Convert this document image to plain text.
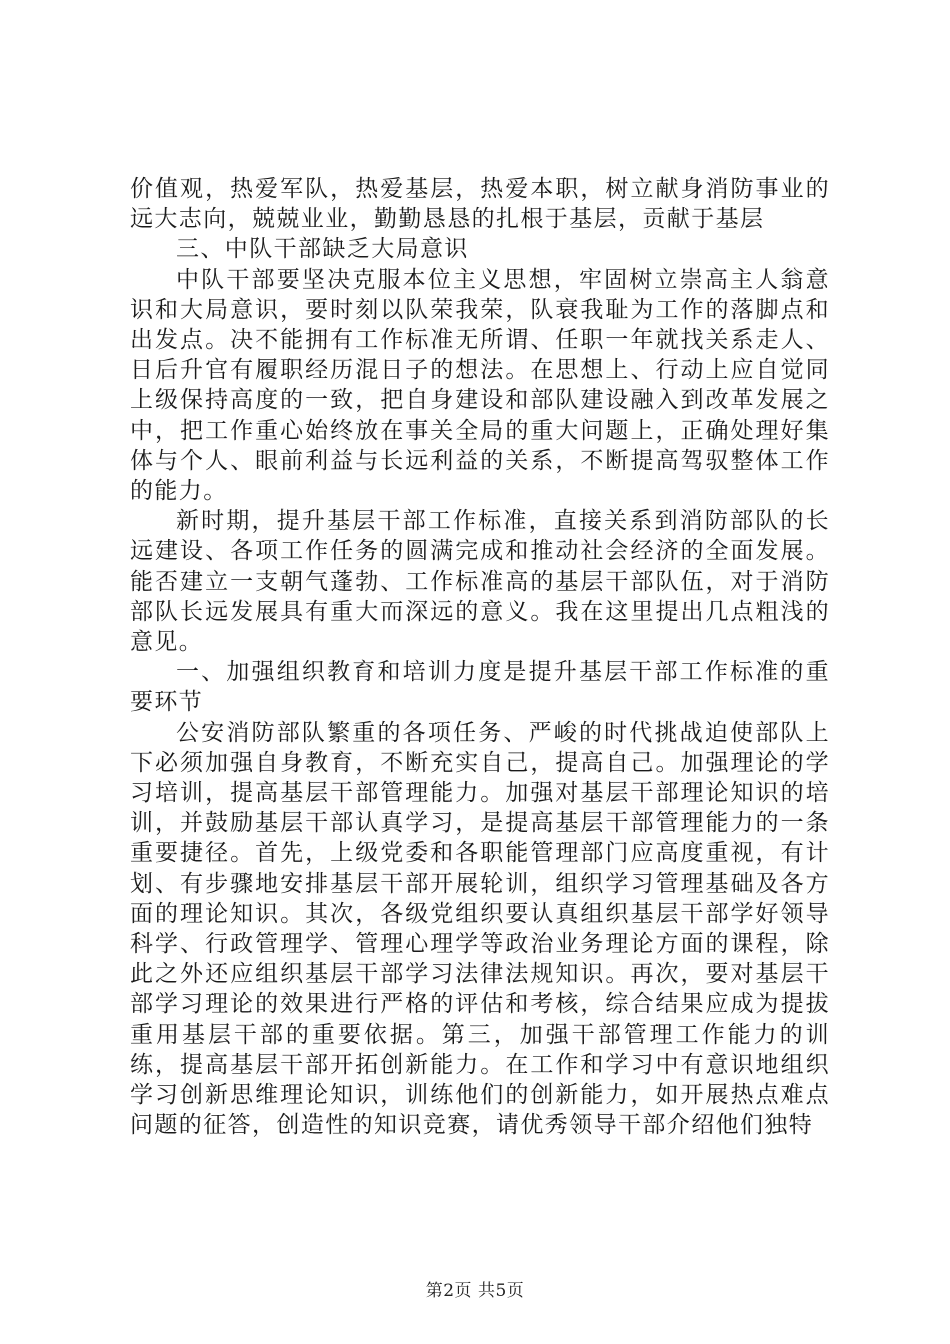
价值观，热爱军队，热爱基层，热爱本职，树立献身消防事业的远大志向，兢兢业业，勤勤恳恳的扎根于基层，贡献于基层

三、中队干部缺乏大局意识

中队干部要坚决克服本位主义思想，牢固树立崇高主人翁意识和大局意识，要时刻以队荣我荣，队衰我耻为工作的落脚点和出发点。决不能拥有工作标准无所谓、任职一年就找关系走人、日后升官有履职经历混日子的想法。在思想上、行动上应自觉同上级保持高度的一致，把自身建设和部队建设融入到改革发展之中，把工作重心始终放在事关全局的重大问题上，正确处理好集体与个人、眼前利益与长远利益的关系，不断提高驾驭整体工作的能力。

新时期，提升基层干部工作标准，直接关系到消防部队的长远建设、各项工作任务的圆满完成和推动社会经济的全面发展。能否建立一支朝气蓬勃、工作标准高的基层干部队伍，对于消防部队长远发展具有重大而深远的意义。我在这里提出几点粗浅的意见。

一、加强组织教育和培训力度是提升基层干部工作标准的重要环节

公安消防部队繁重的各项任务、严峻的时代挑战迫使部队上下必须加强自身教育，不断充实自己，提高自己。加强理论的学习培训，提高基层干部管理能力。加强对基层干部理论知识的培训，并鼓励基层干部认真学习，是提高基层干部管理能力的一条重要捷径。首先，上级党委和各职能管理部门应高度重视，有计划、有步骤地安排基层干部开展轮训，组织学习管理基础及各方面的理论知识。其次，各级党组织要认真组织基层干部学好领导科学、行政管理学、管理心理学等政治业务理论方面的课程，除此之外还应组织基层干部学习法律法规知识。再次，要对基层干部学习理论的效果进行严格的评估和考核，综合结果应成为提拔重用基层干部的重要依据。第三，加强干部管理工作能力的训练，提高基层干部开拓创新能力。在工作和学习中有意识地组织学习创新思维理论知识，训练他们的创新能力，如开展热点难点问题的征答，创造性的知识竞赛，请优秀领导干部介绍他们独特

第2页 共5页
